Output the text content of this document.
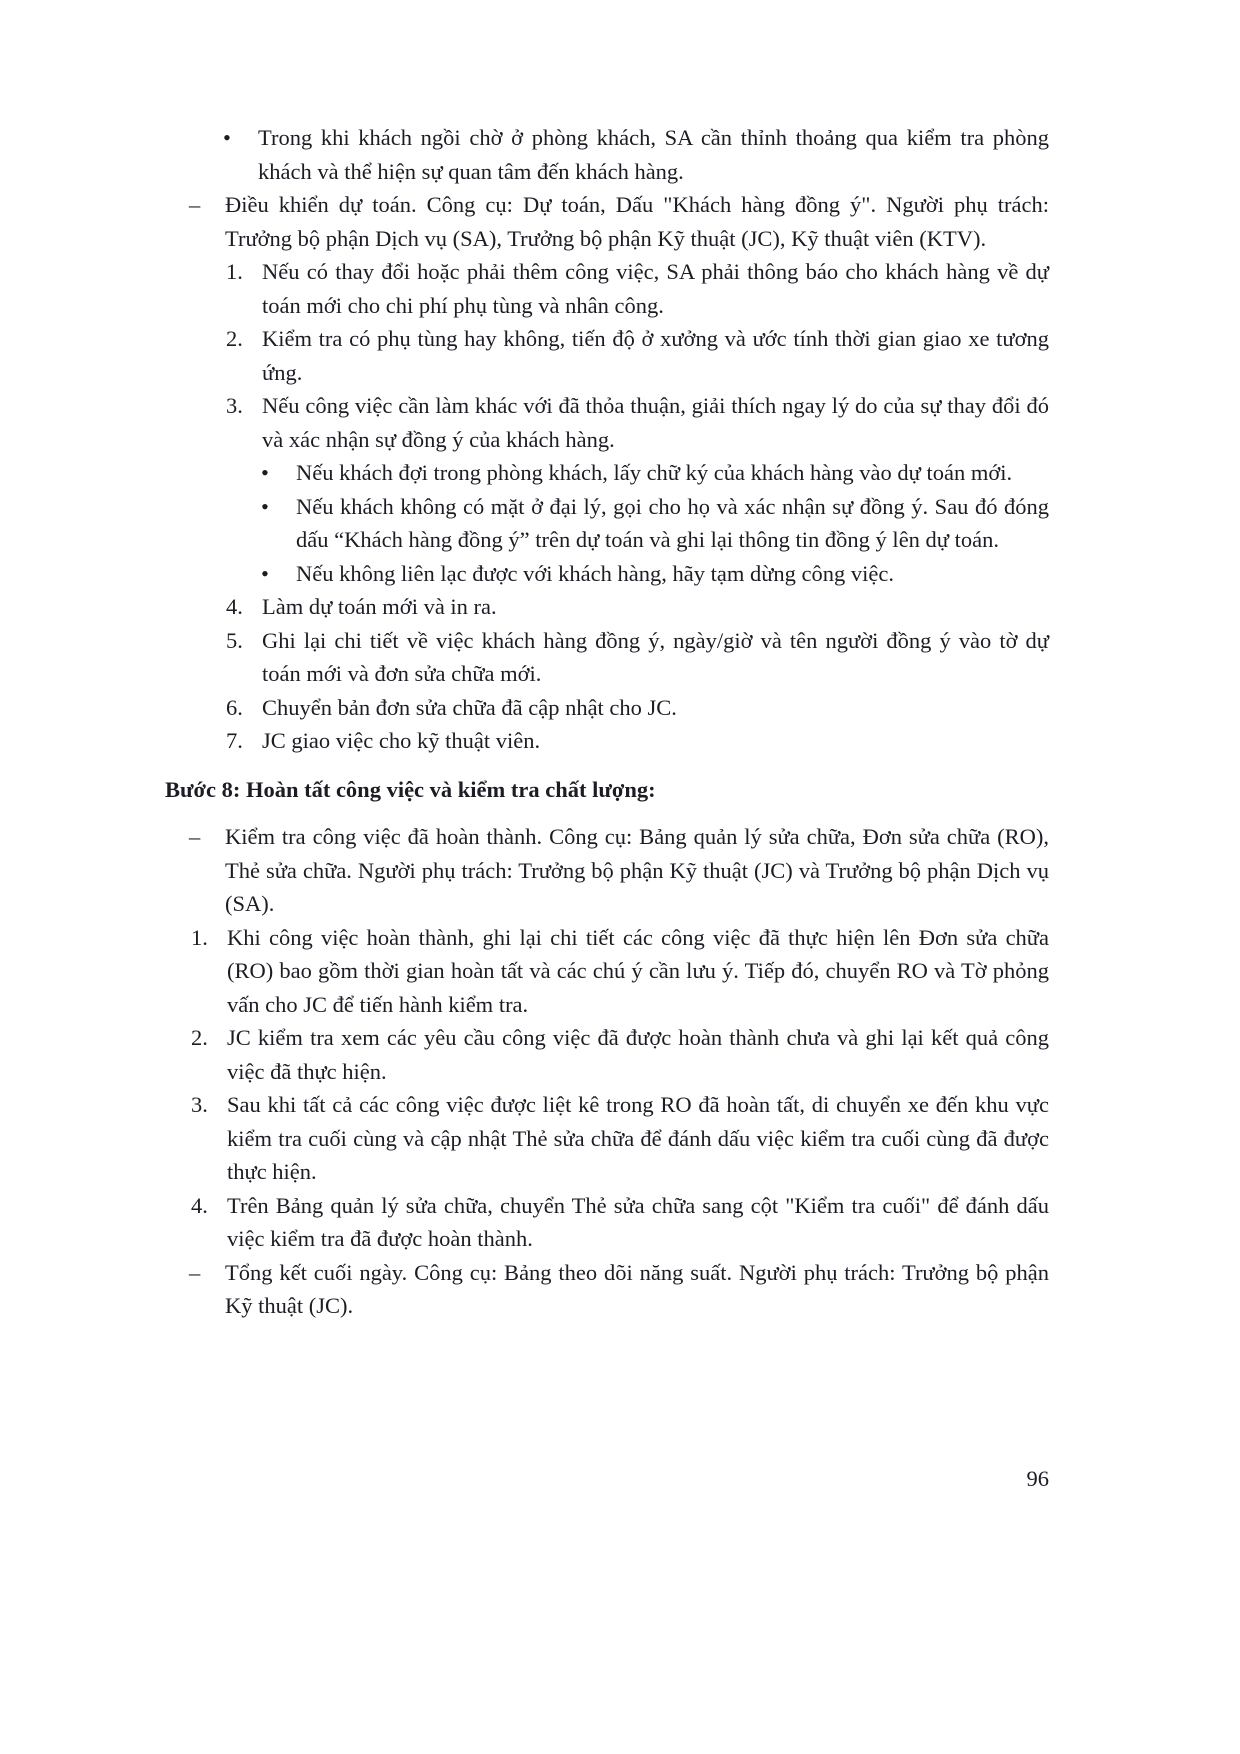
• Trong khi khách ngồi chờ ở phòng khách, SA cần thỉnh thoảng qua kiểm tra phòng khách và thể hiện sự quan tâm đến khách hàng.
– Điều khiển dự toán. Công cụ: Dự toán, Dấu "Khách hàng đồng ý". Người phụ trách: Trưởng bộ phận Dịch vụ (SA), Trưởng bộ phận Kỹ thuật (JC), Kỹ thuật viên (KTV).
1. Nếu có thay đổi hoặc phải thêm công việc, SA phải thông báo cho khách hàng về dự toán mới cho chi phí phụ tùng và nhân công.
2. Kiểm tra có phụ tùng hay không, tiến độ ở xưởng và ước tính thời gian giao xe tương ứng.
3. Nếu công việc cần làm khác với đã thỏa thuận, giải thích ngay lý do của sự thay đổi đó và xác nhận sự đồng ý của khách hàng.
• Nếu khách đợi trong phòng khách, lấy chữ ký của khách hàng vào dự toán mới.
• Nếu khách không có mặt ở đại lý, gọi cho họ và xác nhận sự đồng ý. Sau đó đóng dấu “Khách hàng đồng ý” trên dự toán và ghi lại thông tin đồng ý lên dự toán.
• Nếu không liên lạc được với khách hàng, hãy tạm dừng công việc.
4. Làm dự toán mới và in ra.
5. Ghi lại chi tiết về việc khách hàng đồng ý, ngày/giờ và tên người đồng ý vào tờ dự toán mới và đơn sửa chữa mới.
6. Chuyển bản đơn sửa chữa đã cập nhật cho JC.
7. JC giao việc cho kỹ thuật viên.
Bước 8: Hoàn tất công việc và kiểm tra chất lượng:
– Kiểm tra công việc đã hoàn thành. Công cụ: Bảng quản lý sửa chữa, Đơn sửa chữa (RO), Thẻ sửa chữa. Người phụ trách: Trưởng bộ phận Kỹ thuật (JC) và Trưởng bộ phận Dịch vụ (SA).
1. Khi công việc hoàn thành, ghi lại chi tiết các công việc đã thực hiện lên Đơn sửa chữa (RO) bao gồm thời gian hoàn tất và các chú ý cần lưu ý. Tiếp đó, chuyển RO và Tờ phỏng vấn cho JC để tiến hành kiểm tra.
2. JC kiểm tra xem các yêu cầu công việc đã được hoàn thành chưa và ghi lại kết quả công việc đã thực hiện.
3. Sau khi tất cả các công việc được liệt kê trong RO đã hoàn tất, di chuyển xe đến khu vực kiểm tra cuối cùng và cập nhật Thẻ sửa chữa để đánh dấu việc kiểm tra cuối cùng đã được thực hiện.
4. Trên Bảng quản lý sửa chữa, chuyển Thẻ sửa chữa sang cột "Kiểm tra cuối" để đánh dấu việc kiểm tra đã được hoàn thành.
– Tổng kết cuối ngày. Công cụ: Bảng theo dõi năng suất. Người phụ trách: Trưởng bộ phận Kỹ thuật (JC).
96
